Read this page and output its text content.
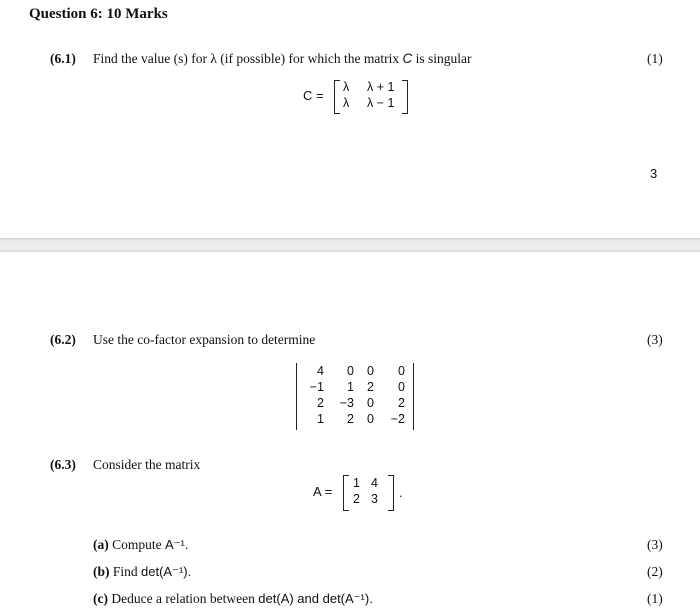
Question 6: 10 Marks
(6.1) Find the value (s) for λ (if possible) for which the matrix C is singular	(1)
C =
λ λ + 1
λ λ − 1
3
(6.2) Use the co-factor expansion to determine	(3)
4	0	0	0
−1	1	2	0
2	−3	0	2
1	2	0	−2
(6.3) Consider the matrix
A =
1 4
2 3 .
(a) Compute A⁻¹.	(3)
(b) Find det(A⁻¹).	(2)
(c) Deduce a relation between det(A) and det(A⁻¹).	(1)
